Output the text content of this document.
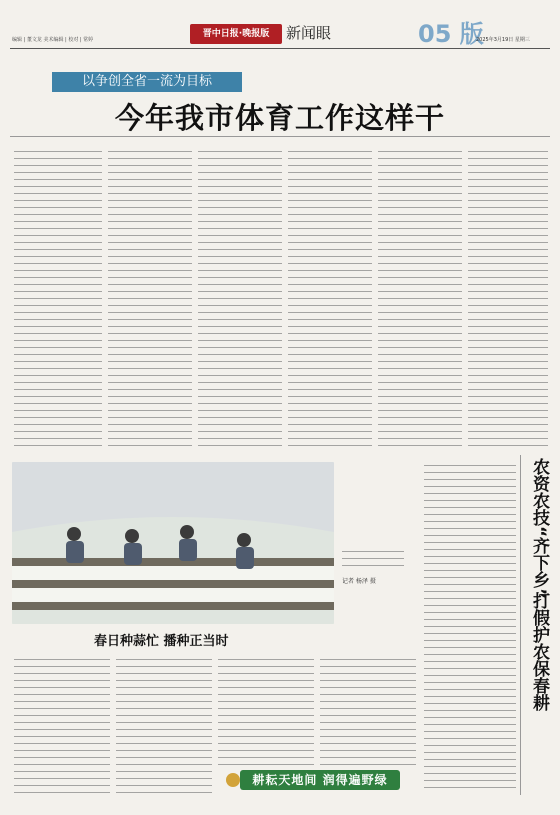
编辑 | 董文龙 美术编辑 | 校对 | 常婷
晋中日报·晚报版	新闻眼	05 版
2025年3月19日 星期三
以争创全省一流为目标
今年我市体育工作这样干
记者 杨泽 摄
春日种蒜忙 播种正当时
农资农技“齐下乡”
打假护农保春耕
耕耘天地间 润得遍野绿
